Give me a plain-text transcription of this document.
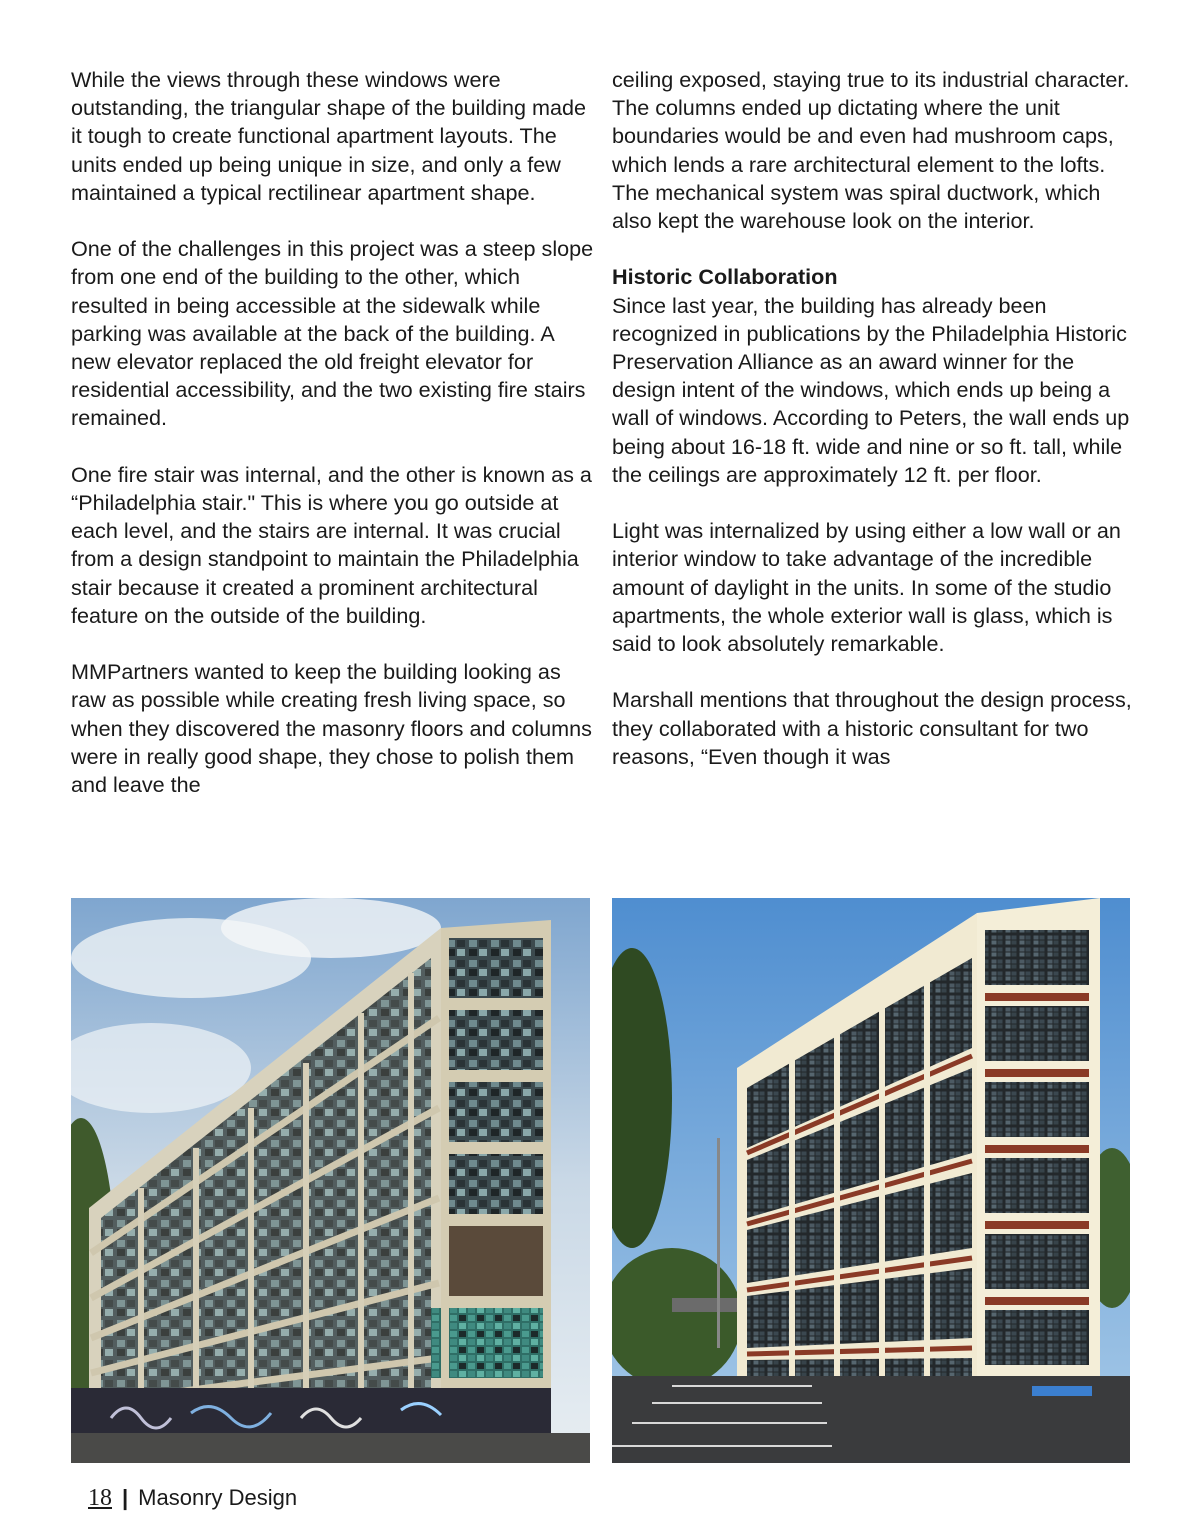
While the views through these windows were outstanding, the triangular shape of the building made it tough to create functional apartment layouts. The units ended up being unique in size, and only a few maintained a typical rectilinear apartment shape.

One of the challenges in this project was a steep slope from one end of the building to the other, which resulted in being accessible at the sidewalk while parking was available at the back of the building. A new elevator replaced the old freight elevator for residential accessibility, and the two existing fire stairs remained.

One fire stair was internal, and the other is known as a “Philadelphia stair." This is where you go outside at each level, and the stairs are internal. It was crucial from a design standpoint to maintain the Philadelphia stair because it created a prominent architectural feature on the outside of the building.

MMPartners wanted to keep the building looking as raw as possible while creating fresh living space, so when they discovered the masonry floors and columns were in really good shape, they chose to polish them and leave the

ceiling exposed, staying true to its industrial character. The columns ended up dictating where the unit boundaries would be and even had mushroom caps, which lends a rare architectural element to the lofts. The mechanical system was spiral ductwork, which also kept the warehouse look on the interior.

Historic Collaboration

Since last year, the building has already been recognized in publications by the Philadelphia Historic Preservation Alliance as an award winner for the design intent of the windows, which ends up being a wall of windows. According to Peters, the wall ends up being about 16-18 ft. wide and nine or so ft. tall, while the ceilings are approximately 12 ft. per floor.

Light was internalized by using either a low wall or an interior window to take advantage of the incredible amount of daylight in the units. In some of the studio apartments, the whole exterior wall is glass, which is said to look absolutely remarkable.

Marshall mentions that throughout the design process, they collaborated with a historic consultant for two reasons, “Even though it was

18 | Masonry Design
